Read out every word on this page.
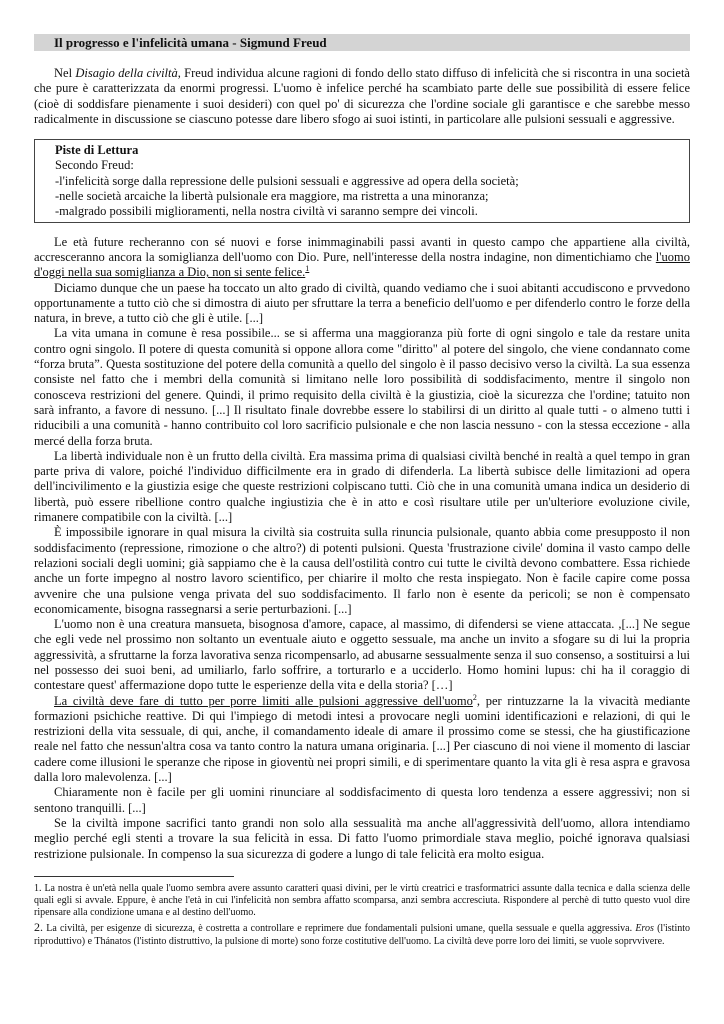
Il progresso e l'infelicità umana - Sigmund Freud

Nel Disagio della civiltà, Freud individua alcune ragioni di fondo dello stato diffuso di infelicità che si riscontra in una società che pure è caratterizzata da enormi progressi. L'uomo è infelice perché ha scambiato parte delle sue possibilità di essere felice (cioè di soddisfare pienamente i suoi desideri) con quel po' di sicurezza che l'ordine sociale gli garantisce e che sarebbe messo radicalmente in discussione se ciascuno potesse dare libero sfogo ai suoi istinti, in particolare alle pulsioni sessuali e aggressive.

Piste di Lettura
Secondo Freud:
-l'infelicità sorge dalla repressione delle pulsioni sessuali e aggressive ad opera della società;
-nelle società arcaiche la libertà pulsionale era maggiore, ma ristretta a una minoranza;
-malgrado possibili miglioramenti, nella nostra civiltà vi saranno sempre dei vincoli.

Le età future recheranno con sé nuovi e forse inimmaginabili passi avanti in questo campo che appartiene alla civiltà, accresceranno ancora la somiglianza dell'uomo con Dio. Pure, nell'interesse della nostra indagine, non dimentichiamo che l'uomo d'oggi nella sua somiglianza a Dio, non si sente felice.$^1$

Diciamo dunque che un paese ha toccato un alto grado di civiltà, quando vediamo che i suoi abitanti accudiscono e prvvedono opportunamente a tutto ciò che si dimostra di aiuto per sfruttare la terra a beneficio dell'uomo e per difenderlo contro le forze della natura, in breve, a tutto ciò che gli è utile. [...]

La vita umana in comune è resa possibile... se si afferma una maggioranza più forte di ogni singolo e tale da restare unita contro ogni singolo. Il potere di questa comunità si oppone allora come "diritto" al potere del singolo, che viene condannato come “forza bruta”. Questa sostituzione del potere della comunità a quello del singolo è il passo decisivo verso la civiltà. La sua essenza consiste nel fatto che i membri della comunità si limitano nelle loro possibilità di soddisfacimento, mentre il singolo non conosceva restrizioni del genere. Quindi, il primo requisito della civiltà è la giustizia, cioè la sicurezza che l'ordine; tatuito non sarà infranto, a favore di nessuno. [...] Il risultato finale dovrebbe essere lo stabilirsi di un diritto al quale tutti - o almeno tutti i riducibili a una comunità - hanno contribuito col loro sacrificio pulsionale e che non lascia nessuno - con la stessa eccezione - alla mercé della forza bruta.

La libertà individuale non è un frutto della civiltà. Era massima prima di qualsiasi civiltà benché in realtà a quel tempo in gran parte priva di valore, poiché l'individuo difficilmente era in grado di difenderla. La libertà subisce delle limitazioni ad opera dell'incivilimento e la giustizia esige che queste restrizioni colpiscano tutti. Ciò che in una comunità umana indica un desiderio di libertà, può essere ribellione contro qualche ingiustizia che è in atto e così risultare utile per un'ulteriore evoluzione civile, rimanere compatibile con la civiltà. [...]

È impossibile ignorare in qual misura la civiltà sia costruita sulla rinuncia pulsionale, quanto abbia come presupposto il non soddisfacimento (repressione, rimozione o che altro?) di potenti pulsioni. Questa 'frustrazione civile' domina il vasto campo delle relazioni sociali degli uomini; già sappiamo che è la causa dell'ostilità contro cui tutte le civiltà devono combattere. Essa richiede anche un forte impegno al nostro lavoro scientifico, per chiarire il molto che resta inspiegato. Non è facile capire come possa avvenire che una pulsione venga privata del suo soddisfacimento. Il farlo non è esente da pericoli; se non è compensato economicamente, bisogna rassegnarsi a serie perturbazioni. [...]

L'uomo non è una creatura mansueta, bisognosa d'amore, capace, al massimo, di difendersi se viene attaccata. ,[...] Ne segue che egli vede nel prossimo non soltanto un eventuale aiuto e oggetto sessuale, ma anche un invito a sfogare su di lui la propria aggressività, a sfruttarne la forza lavorativa senza ricompensarlo, ad abusarne sessualmente senza il suo consenso, a sostituirsi a lui nel possesso dei suoi beni, ad umiliarlo, farlo soffrire, a torturarlo e a ucciderlo. Homo homini lupus: chi ha il coraggio di contestare quest' affermazione dopo tutte le esperienze della vita e della storia? […]

La civiltà deve fare di tutto per porre limiti alle pulsioni aggressive dell'uomo$^2$, per rintuzzarne la la vivacità mediante formazioni psichiche reattive. Di qui l'impiego di metodi intesi a provocare negli uomini identificazioni e relazioni, di qui le restrizioni della vita sessuale, di qui, anche, il comandamento ideale di amare il prossimo come se stessi, che ha giustificazione reale nel fatto che nessun'altra cosa va tanto contro la natura umana originaria. [...] Per ciascuno di noi viene il momento di lasciar cadere come illusioni le speranze che ripose in gioventù nei propri simili, e di sperimentare quanto la vita gli è resa aspra e gravosa dalla loro malevolenza. [...]

Chiaramente non è facile per gli uomini rinunciare al soddisfacimento di questa loro tendenza a essere aggressivi; non si sentono tranquilli. [...]

Se la civiltà impone sacrifici tanto grandi non solo alla sessualità ma anche all'aggressività dell'uomo, allora intendiamo meglio perché egli stenti a trovare la sua felicità in essa. Di fatto l'uomo primordiale stava meglio, poiché ignorava qualsiasi restrizione pulsionale. In compenso la sua sicurezza di godere a lungo di tale felicità era molto esigua.

1. La nostra è un'età nella quale l'uomo sembra avere assunto caratteri quasi divini, per le virtù creatrici e trasformatrici assunte dalla tecnica e dalla scienza delle quali egli si avvale. Eppure, è anche l'età in cui l'infelicità non sembra affatto scomparsa, anzi sembra accresciuta. Rispondere al perchè di tutto questo vuol dire ripensare alla condizione umana e al destino dell'uomo.

2. La civiltà, per esigenze di sicurezza, è costretta a controllare e reprimere due fondamentali pulsioni umane, quella sessuale e quella aggressiva. Eros (l'istinto riproduttivo) e Thánatos (l'istinto distruttivo, la pulsione di morte) sono forze costitutive dell'uomo. La civiltà deve porre loro dei limiti, se vuole soprvvivere.
